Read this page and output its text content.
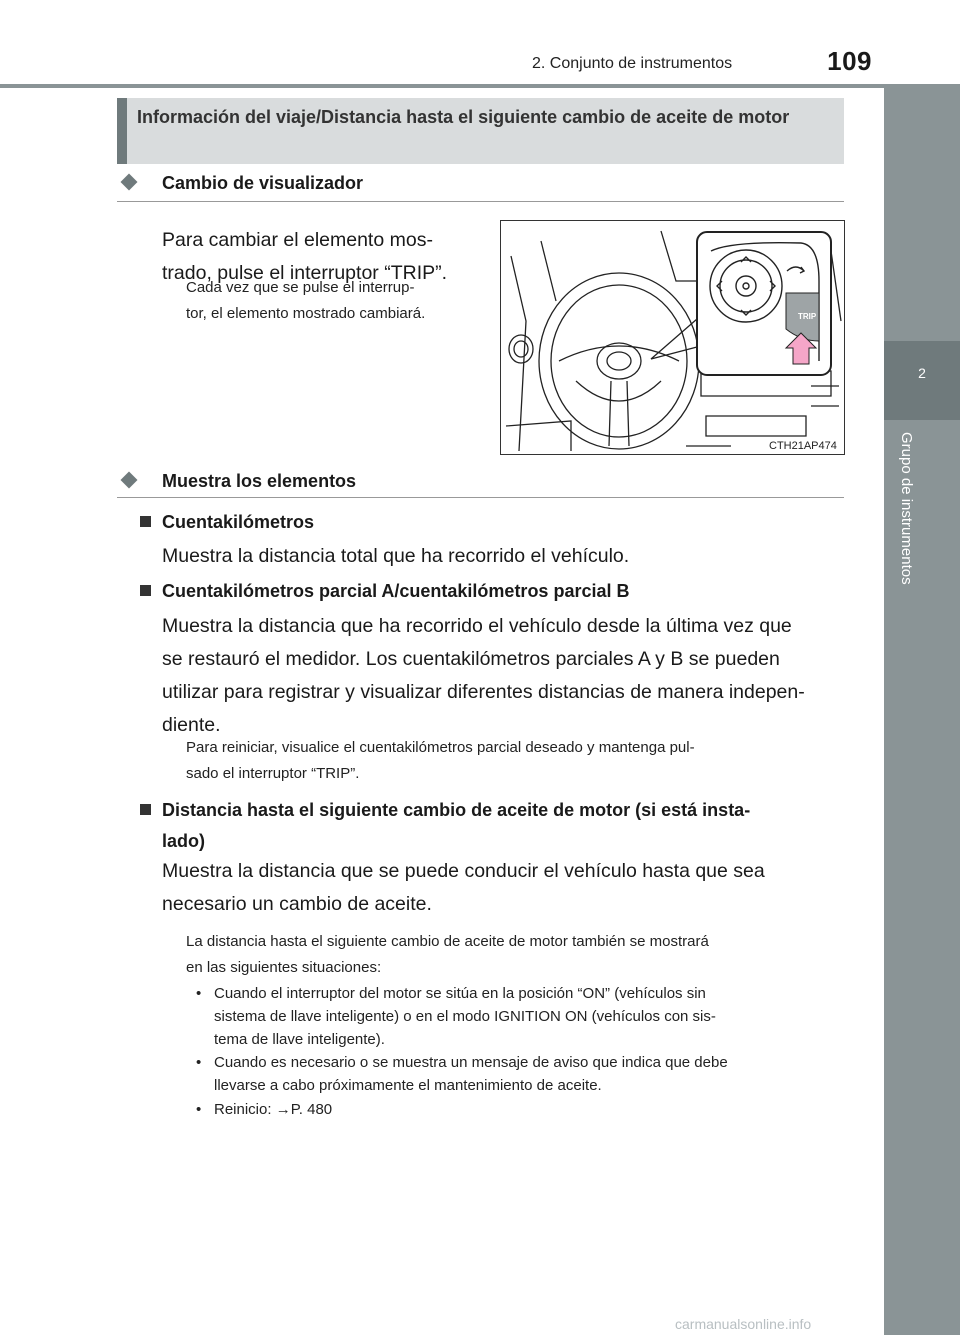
2. Conjunto de instrumentos	109
2
Grupo de instrumentos
Información del viaje/Distancia hasta el siguiente cambio de aceite de motor
Cambio de visualizador
Para cambiar el elemento mos-
trado, pulse el interruptor “TRIP”.
Cada vez que se pulse el interrup-
tor, el elemento mostrado cambiará.	TRIP
CTH21AP474
Muestra los elementos
Cuentakilómetros
Muestra la distancia total que ha recorrido el vehículo.
Cuentakilómetros parcial A/cuentakilómetros parcial B
Muestra la distancia que ha recorrido el vehículo desde la última vez que
se restauró el medidor. Los cuentakilómetros parciales A y B se pueden
utilizar para registrar y visualizar diferentes distancias de manera indepen-
diente.
Para reiniciar, visualice el cuentakilómetros parcial deseado y mantenga pul-
sado el interruptor “TRIP”.
Distancia hasta el siguiente cambio de aceite de motor (si está insta-
lado)
Muestra la distancia que se puede conducir el vehículo hasta que sea
necesario un cambio de aceite.
La distancia hasta el siguiente cambio de aceite de motor también se mostrará
en las siguientes situaciones:
• Cuando el interruptor del motor se sitúa en la posición “ON” (vehículos sin
sistema de llave inteligente) o en el modo IGNITION ON (vehículos con sis-
tema de llave inteligente).
• Cuando es necesario o se muestra un mensaje de aviso que indica que debe
llevarse a cabo próximamente el mantenimiento de aceite.
• Reinicio: →P. 480
carmanualsonline.info
